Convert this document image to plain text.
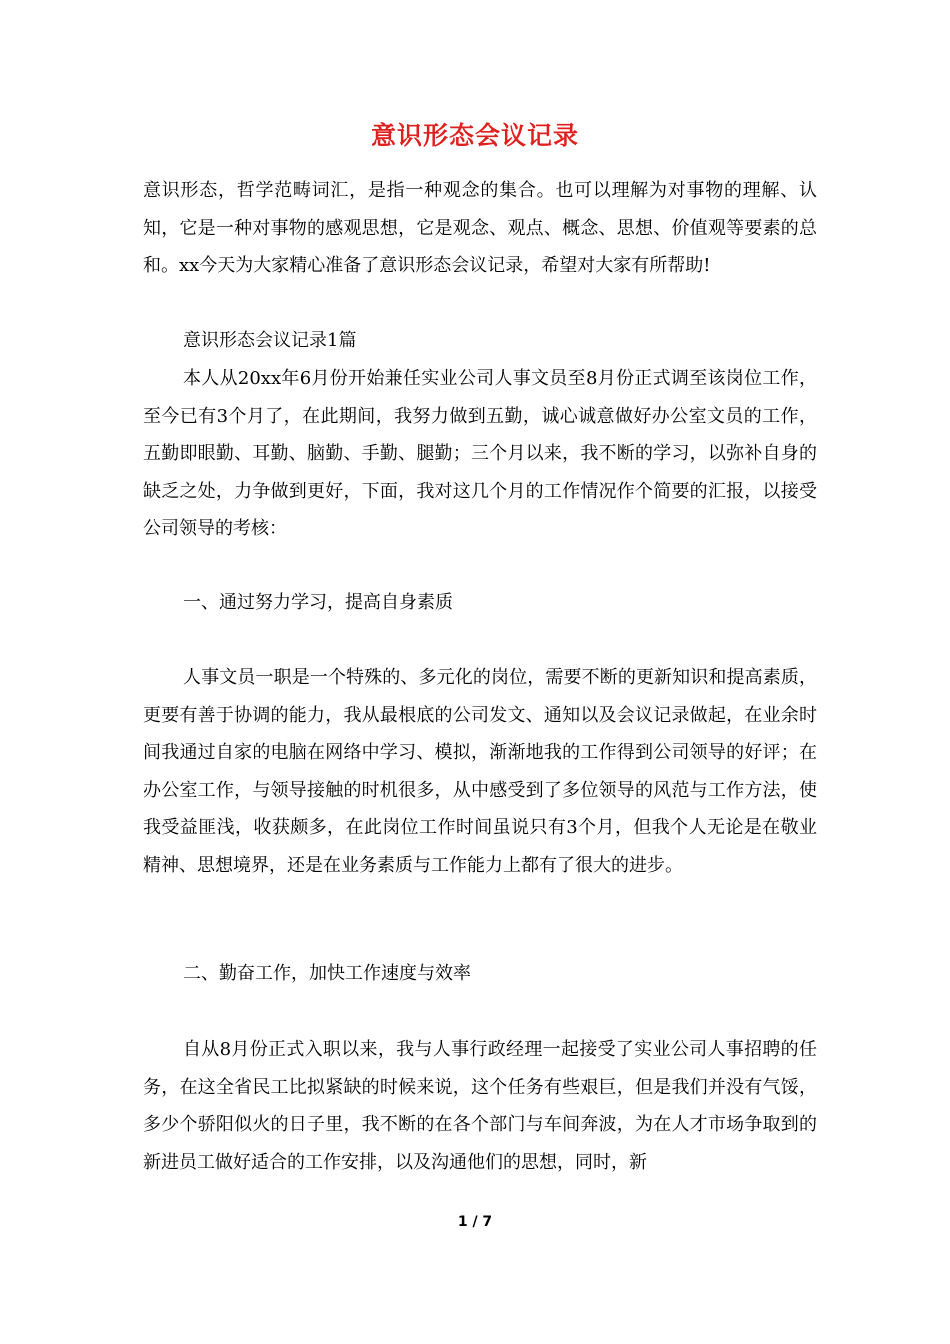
意识形态会议记录
意识形态，哲学范畴词汇，是指一种观念的集合。也可以理解为对事物的理解、认知，它是一种对事物的感观思想，它是观念、观点、概念、思想、价值观等要素的总和。xx今天为大家精心准备了意识形态会议记录，希望对大家有所帮助!
意识形态会议记录1篇
本人从20xx年6月份开始兼任实业公司人事文员至8月份正式调至该岗位工作，至今已有3个月了，在此期间，我努力做到五勤，诚心诚意做好办公室文员的工作，五勤即眼勤、耳勤、脑勤、手勤、腿勤；三个月以来，我不断的学习，以弥补自身的缺乏之处，力争做到更好，下面，我对这几个月的工作情况作个简要的汇报，以接受公司领导的考核：
一、通过努力学习，提高自身素质
人事文员一职是一个特殊的、多元化的岗位，需要不断的更新知识和提高素质，更要有善于协调的能力，我从最根底的公司发文、通知以及会议记录做起，在业余时间我通过自家的电脑在网络中学习、模拟，渐渐地我的工作得到公司领导的好评；在办公室工作，与领导接触的时机很多，从中感受到了多位领导的风范与工作方法，使我受益匪浅，收获颇多，在此岗位工作时间虽说只有3个月，但我个人无论是在敬业精神、思想境界，还是在业务素质与工作能力上都有了很大的进步。
二、勤奋工作，加快工作速度与效率
自从8月份正式入职以来，我与人事行政经理一起接受了实业公司人事招聘的任务，在这全省民工比拟紧缺的时候来说，这个任务有些艰巨，但是我们并没有气馁，多少个骄阳似火的日子里，我不断的在各个部门与车间奔波，为在人才市场争取到的新进员工做好适合的工作安排，以及沟通他们的思想，同时，新
1 / 7
